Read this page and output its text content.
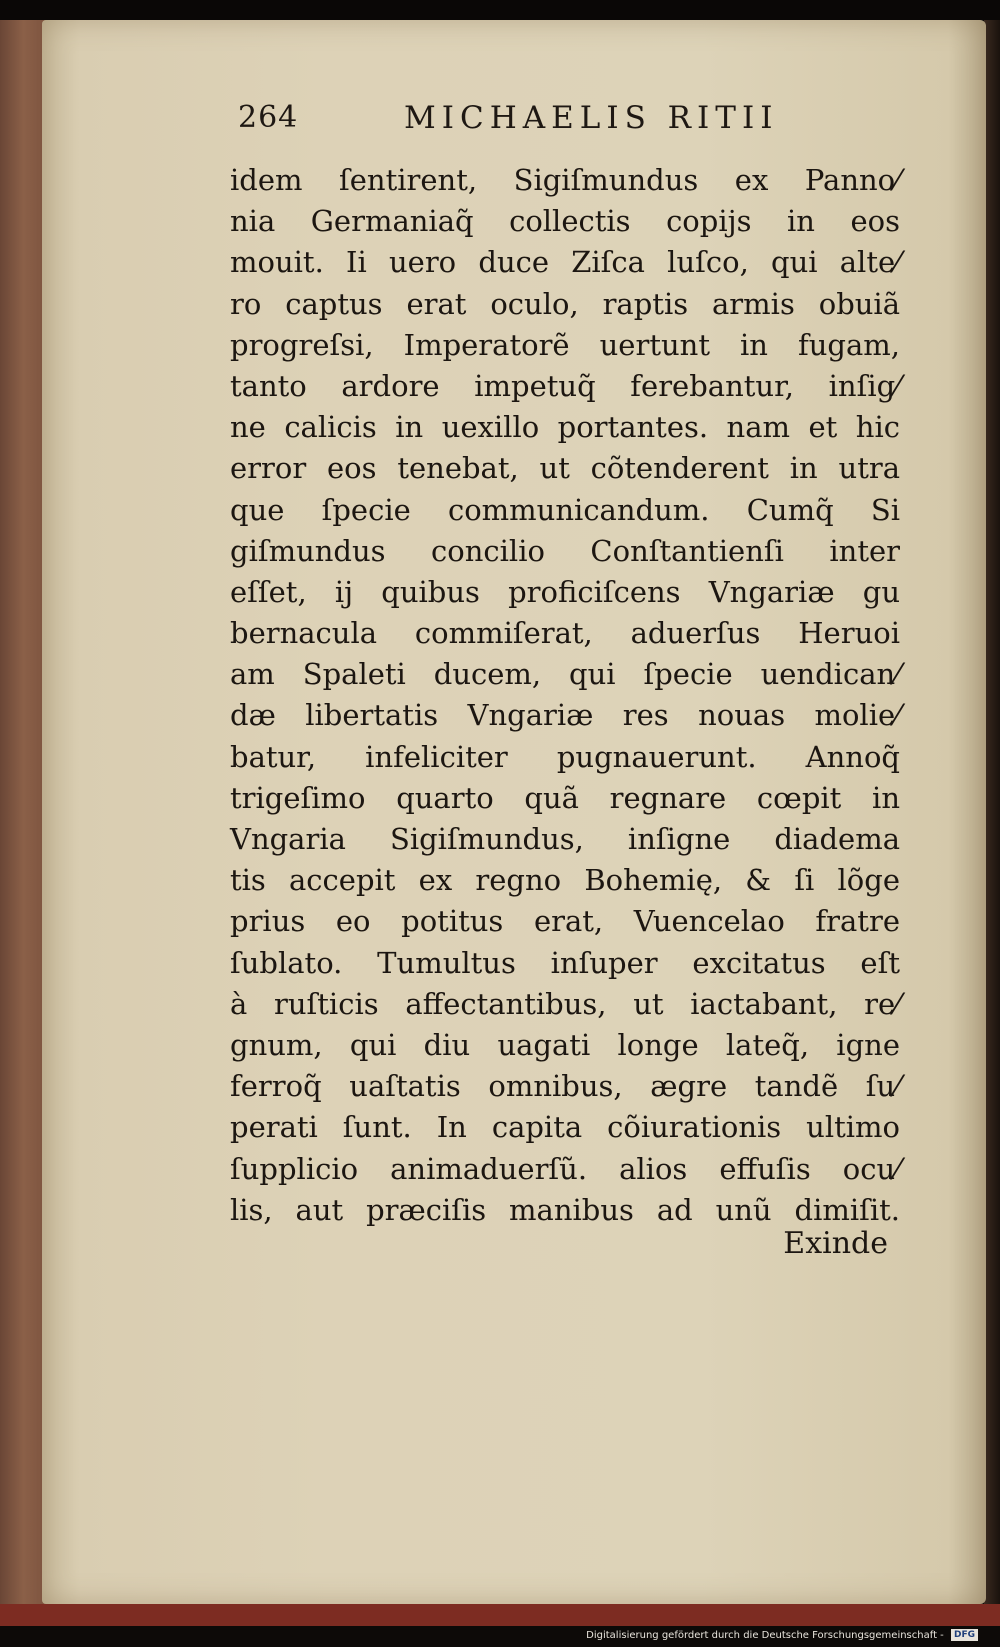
264	MICHAELIS RITII
idem ſentirent, Sigiſmundus ex Panno⁄
nia Germaniaq̃ collectis copijs in eos
mouit. Ii uero duce Ziſca luſco, qui alte⁄
ro captus erat oculo, raptis armis obuiã
progreſsi, Imperatorẽ uertunt in fugam,
tanto ardore impetuq̃ ferebantur, inſig⁄
ne calicis in uexillo portantes. nam et hic
error eos tenebat, ut cõtenderent in utra
que ſpecie communicandum. Cumq̃ Si
giſmundus concilio Conſtantienſi inter
eſſet, ij quibus proficiſcens Vngariæ gu
bernacula commiſerat, aduerſus Heruoi
am Spaleti ducem, qui ſpecie uendican⁄
dæ libertatis Vngariæ res nouas molie⁄
batur, infeliciter pugnauerunt. Annoq̃
trigeſimo quarto quã regnare cœpit in
Vngaria Sigiſmundus, inſigne diadema
tis accepit ex regno Bohemię, & ſi lõge
prius eo potitus erat, Vuencelao fratre
ſublato. Tumultus inſuper excitatus eſt
à ruſticis affectantibus, ut iactabant, re⁄
gnum, qui diu uagati longe lateq̃, igne
ferroq̃ uaſtatis omnibus, ægre tandẽ ſu⁄
perati ſunt. In capita cõiurationis ultimo
ſupplicio animaduerſũ. alios effuſis ocu⁄
lis, aut præciſis manibus ad unũ dimiſit.
Exinde
Digitalisierung gefördert durch die Deutsche Forschungsgemeinschaft - DFG
